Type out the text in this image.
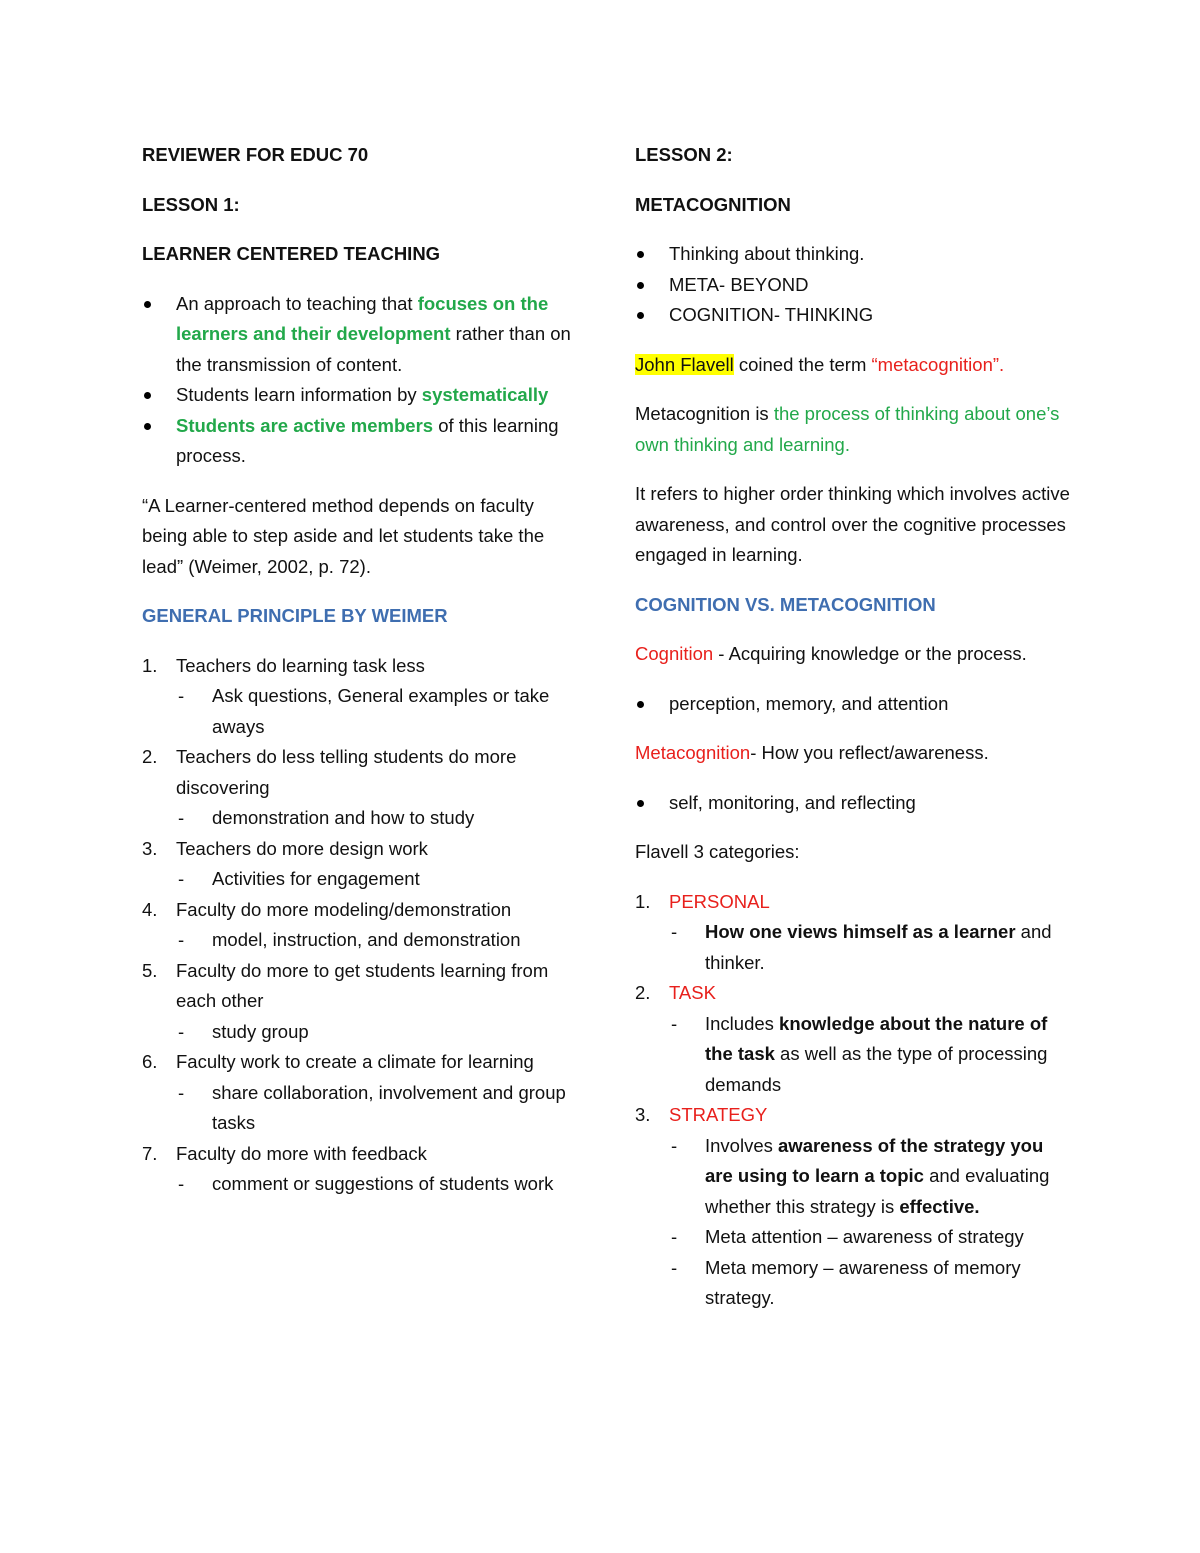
REVIEWER FOR EDUC 70

LESSON 1:

LEARNER CENTERED TEACHING

An approach to teaching that focuses on the learners and their development rather than on the transmission of content.
Students learn information by systematically
Students are active members of this learning process.

“A Learner-centered method depends on faculty being able to step aside and let students take the lead” (Weimer, 2002, p. 72).

GENERAL PRINCIPLE BY WEIMER

1. Teachers do learning task less
- Ask questions, General examples or take aways
2. Teachers do less telling students do more discovering
- demonstration and how to study
3. Teachers do more design work
- Activities for engagement
4. Faculty do more modeling/demonstration
- model, instruction, and demonstration
5. Faculty do more to get students learning from each other
- study group
6. Faculty work to create a climate for learning
- share collaboration, involvement and group tasks
7. Faculty do more with feedback
- comment or suggestions of students work

LESSON 2:

METACOGNITION

Thinking about thinking.
META- BEYOND
COGNITION- THINKING

John Flavell coined the term “metacognition”.

Metacognition is the process of thinking about one’s own thinking and learning.

It refers to higher order thinking which involves active awareness, and control over the cognitive processes engaged in learning.

COGNITION VS. METACOGNITION

Cognition - Acquiring knowledge or the process.

perception, memory, and attention

Metacognition- How you reflect/awareness.

self, monitoring, and reflecting

Flavell 3 categories:

1. PERSONAL
- How one views himself as a learner and thinker.
2. TASK
- Includes knowledge about the nature of the task as well as the type of processing demands
3. STRATEGY
- Involves awareness of the strategy you are using to learn a topic and evaluating whether this strategy is effective.
- Meta attention – awareness of strategy
- Meta memory – awareness of memory strategy.
